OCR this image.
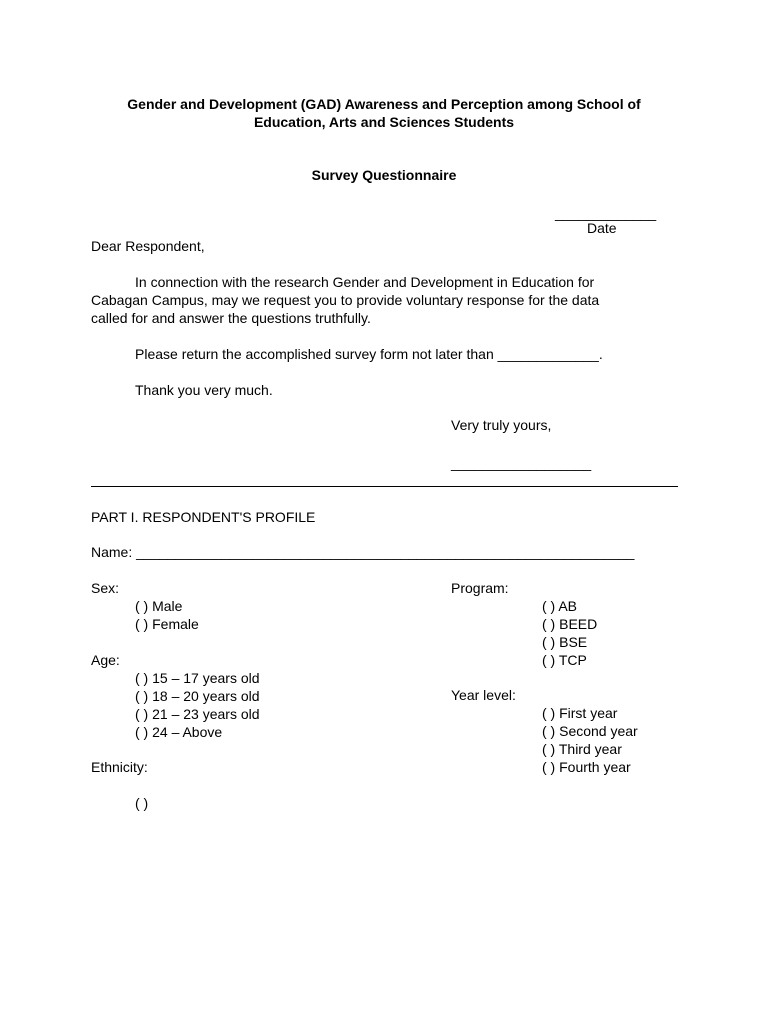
Gender and Development (GAD) Awareness and Perception among School of
Education, Arts and Sciences Students
Survey Questionnaire
_____________
Date
Dear Respondent,
In connection with the research Gender and Development in Education for
Cabagan Campus, may we request you to provide voluntary response for the data
called for and answer the questions truthfully.
Please return the accomplished survey form not later than _____________.
Thank you very much.
Very truly yours,
__________________
PART I. RESPONDENT'S PROFILE
Name: ________________________________________________________________
Sex:
( ) Male
( ) Female
Age:
( ) 15 – 17 years old
( ) 18 – 20 years old
( ) 21 – 23 years old
( ) 24 – Above
Ethnicity:
( )
Program:
( ) AB
( ) BEED
( ) BSE
( ) TCP
Year level:
( ) First year
( ) Second year
( ) Third year
( ) Fourth year
